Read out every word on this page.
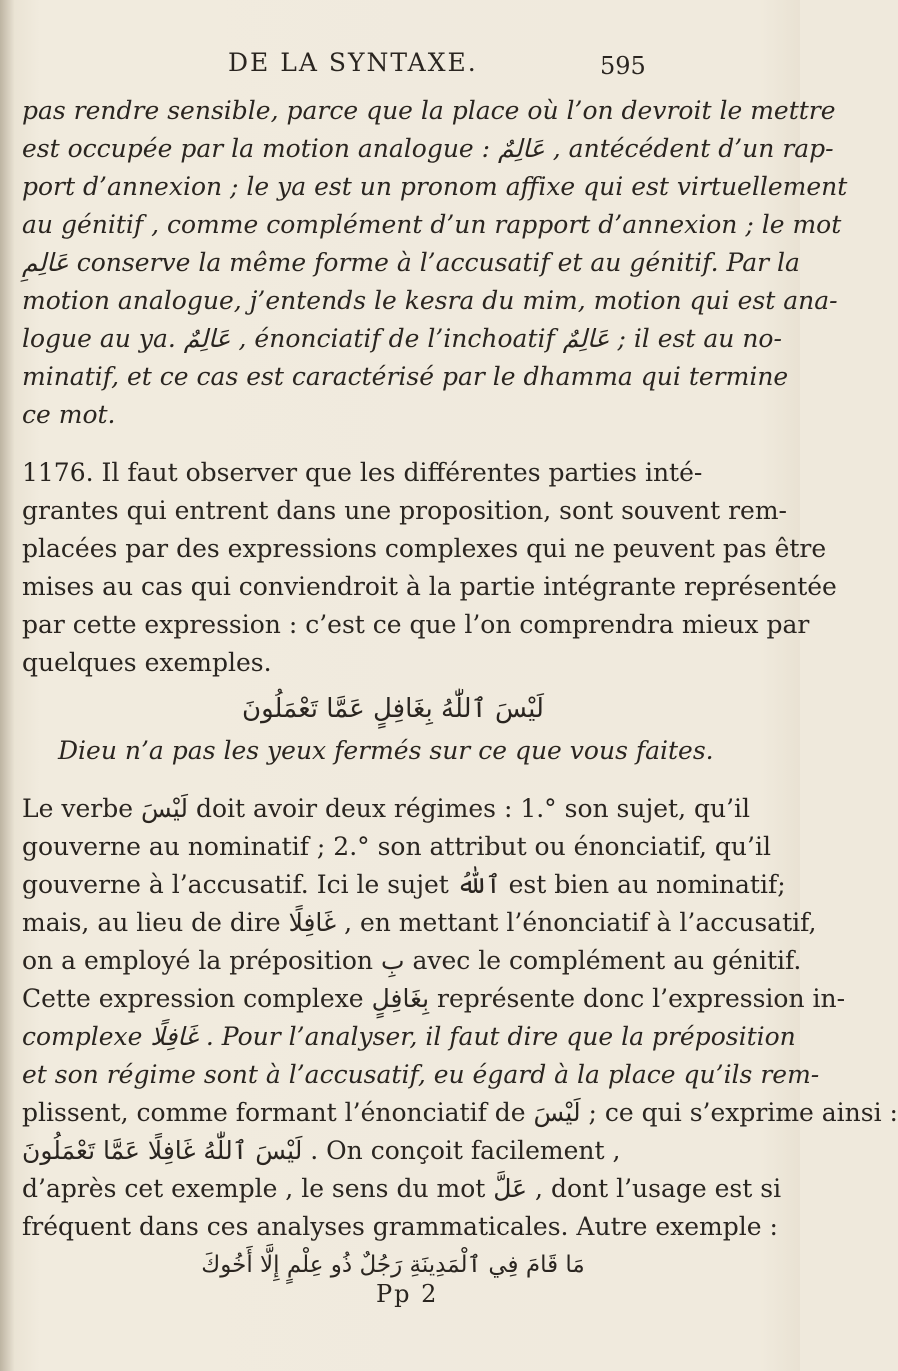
DE LA SYNTAXE.	595
pas rendre sensible, parce que la place où l’on devroit le mettre
est occupée par la motion analogue : عَالِمٌ , antécédent d’un rap-
port d’annexion ; le ya est un pronom affixe qui est virtuellement
au génitif , comme complément d’un rapport d’annexion ; le mot
عَالِمِ conserve la même forme à l’accusatif et au génitif. Par la
motion analogue, j’entends le kesra du mim, motion qui est ana-
logue au ya. عَالِمٌ , énonciatif de l’inchoatif عَالِمٌ ; il est au no-
minatif, et ce cas est caractérisé par le dhamma qui termine
ce mot.
1176. Il faut observer que les différentes parties inté-
grantes qui entrent dans une proposition, sont souvent rem-
placées par des expressions complexes qui ne peuvent pas être
mises au cas qui conviendroit à la partie intégrante représentée
par cette expression : c’est ce que l’on comprendra mieux par
quelques exemples.
لَيْسَ ٱللّٰهُ بِغَافِلٍ عَمَّا تَعْمَلُونَ
Dieu n’a pas les yeux fermés sur ce que vous faites.
Le verbe لَيْسَ doit avoir deux régimes : 1.° son sujet, qu’il
gouverne au nominatif ; 2.° son attribut ou énonciatif, qu’il
gouverne à l’accusatif. Ici le sujet ٱللّٰهُ est bien au nominatif;
mais, au lieu de dire غَافِلًا , en mettant l’énonciatif à l’accusatif,
on a employé la préposition بِ avec le complément au génitif.
Cette expression complexe بِغَافِلٍ représente donc l’expression in-
complexe غَافِلًا . Pour l’analyser, il faut dire que la préposition
et son régime sont à l’accusatif, eu égard à la place qu’ils rem-
plissent, comme formant l’énonciatif de لَيْسَ ; ce qui s’exprime ainsi :
لَيْسَ ٱللّٰهُ غَافِلًا عَمَّا تَعْمَلُونَ . On conçoit facilement ,
d’après cet exemple , le sens du mot عَلَّ , dont l’usage est si
fréquent dans ces analyses grammaticales. Autre exemple :
مَا قَامَ فِي ٱلْمَدِينَةِ رَجُلٌ ذُو عِلْمٍ إِلَّا أَخُوكَ
Pp 2
